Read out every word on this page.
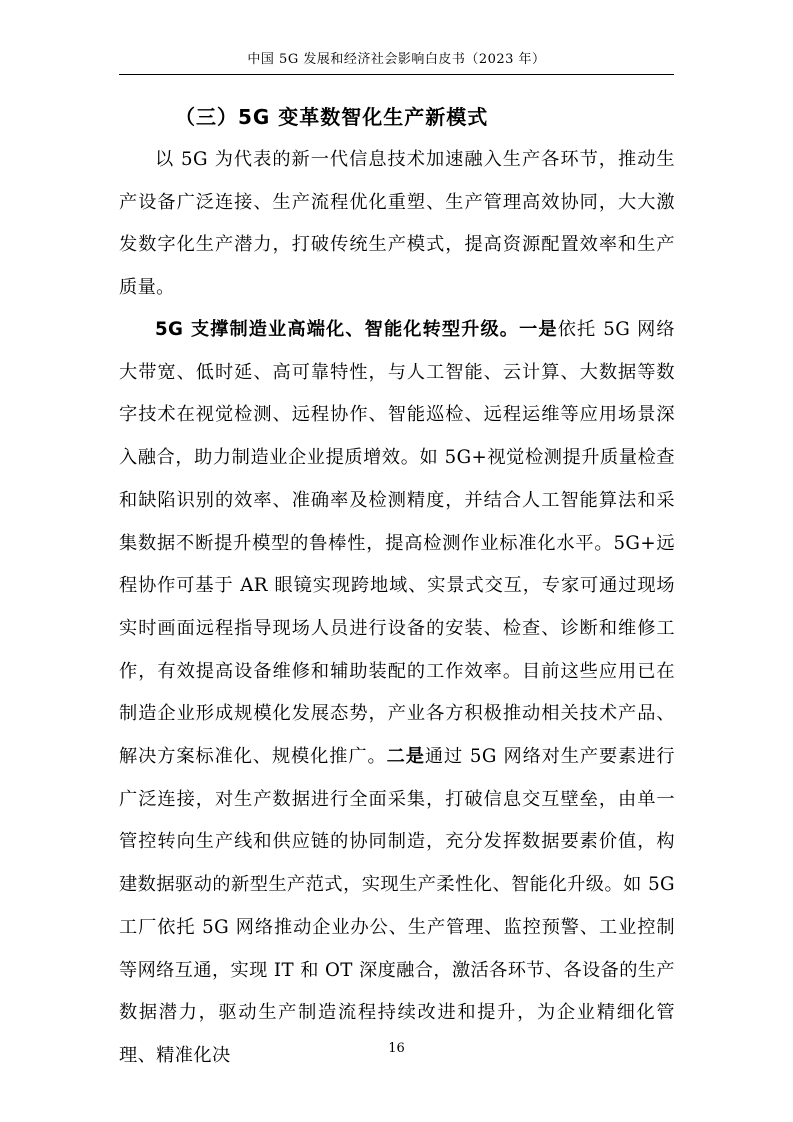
中国 5G 发展和经济社会影响白皮书（2023 年）
（三）5G 变革数智化生产新模式

以 5G 为代表的新一代信息技术加速融入生产各环节，推动生产设备广泛连接、生产流程优化重塑、生产管理高效协同，大大激发数字化生产潜力，打破传统生产模式，提高资源配置效率和生产质量。

5G 支撑制造业高端化、智能化转型升级。一是依托 5G 网络大带宽、低时延、高可靠特性，与人工智能、云计算、大数据等数字技术在视觉检测、远程协作、智能巡检、远程运维等应用场景深入融合，助力制造业企业提质增效。如 5G+视觉检测提升质量检查和缺陷识别的效率、准确率及检测精度，并结合人工智能算法和采集数据不断提升模型的鲁棒性，提高检测作业标准化水平。5G+远程协作可基于 AR 眼镜实现跨地域、实景式交互，专家可通过现场实时画面远程指导现场人员进行设备的安装、检查、诊断和维修工作，有效提高设备维修和辅助装配的工作效率。目前这些应用已在制造企业形成规模化发展态势，产业各方积极推动相关技术产品、解决方案标准化、规模化推广。二是通过 5G 网络对生产要素进行广泛连接，对生产数据进行全面采集，打破信息交互壁垒，由单一管控转向生产线和供应链的协同制造，充分发挥数据要素价值，构建数据驱动的新型生产范式，实现生产柔性化、智能化升级。如 5G 工厂依托 5G 网络推动企业办公、生产管理、监控预警、工业控制等网络互通，实现 IT 和 OT 深度融合，激活各环节、各设备的生产数据潜力，驱动生产制造流程持续改进和提升，为企业精细化管理、精准化决	16
